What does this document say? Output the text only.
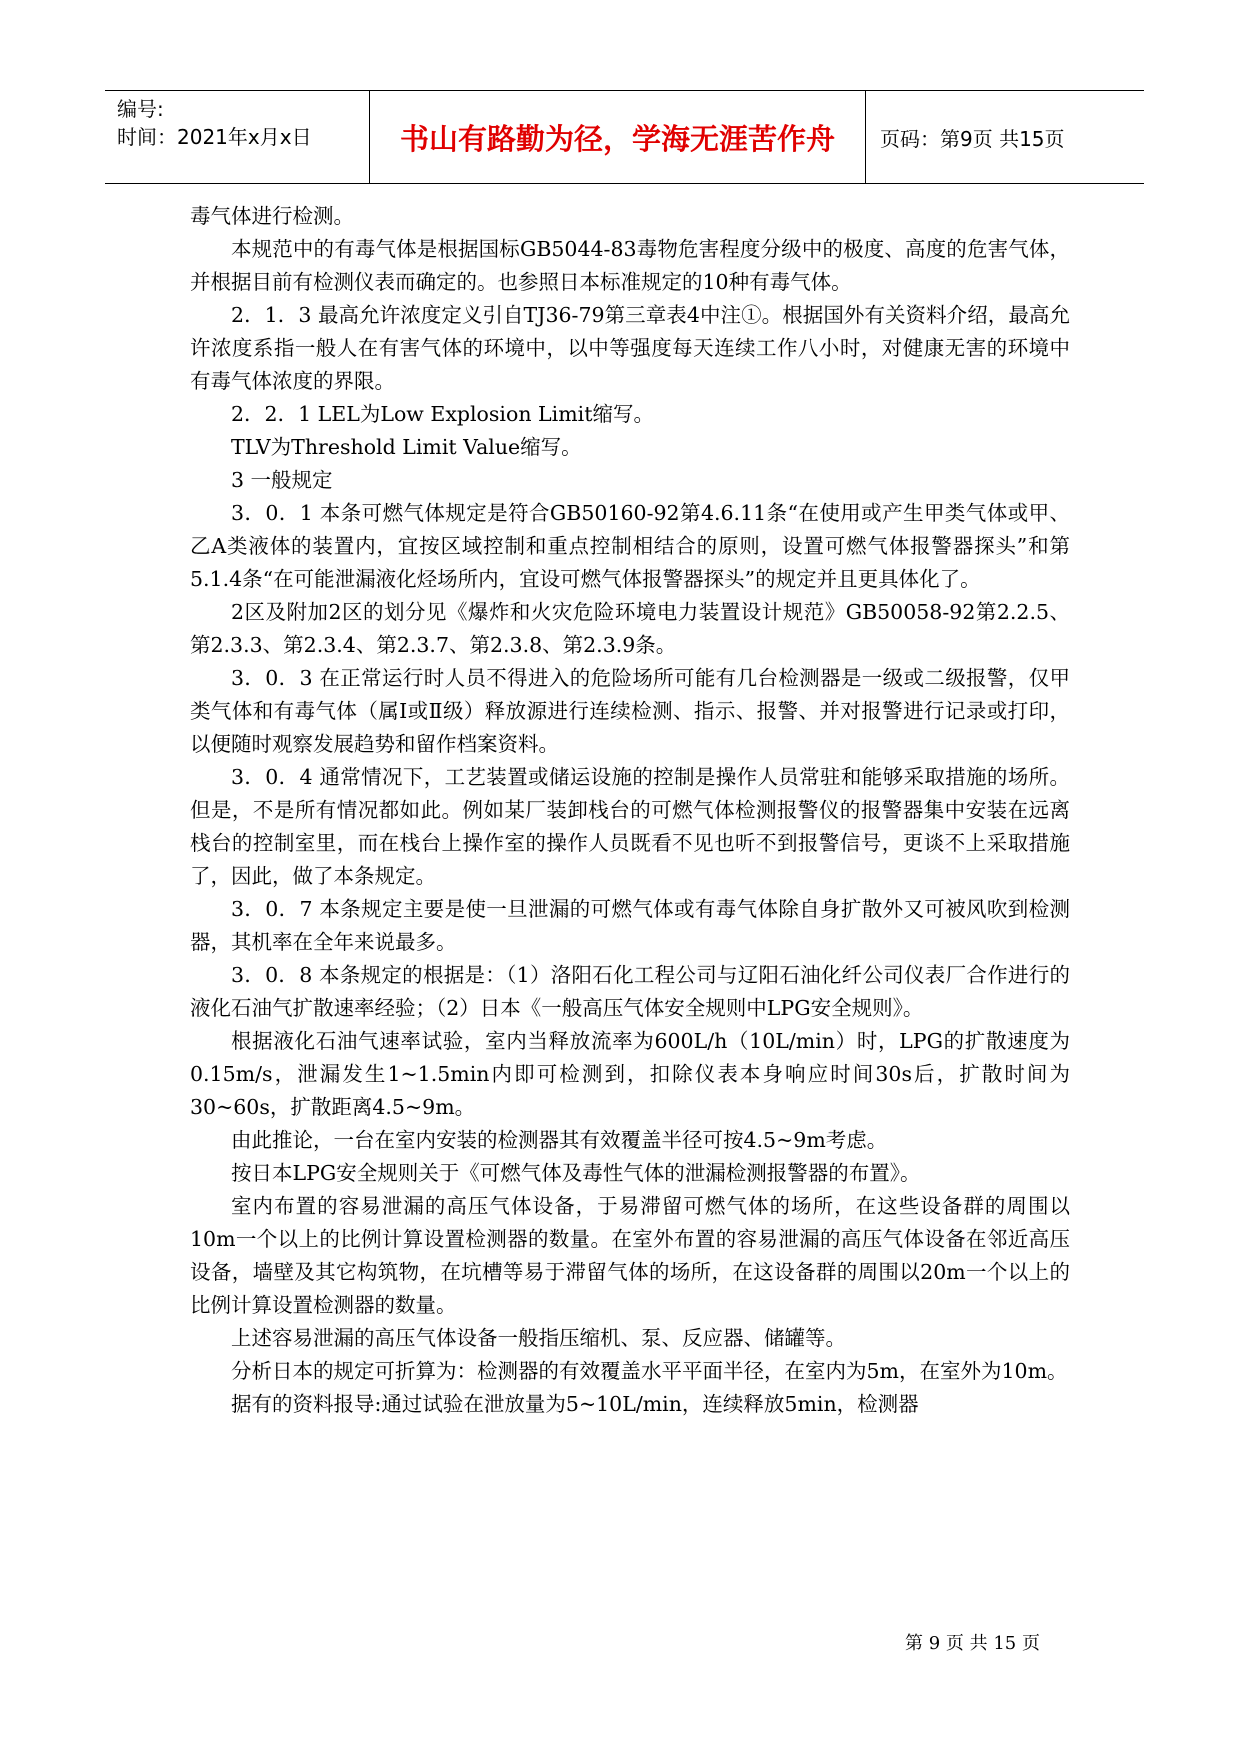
编号:
时间：2021年x月x日	书山有路勤为径，学海无涯苦作舟 页码：第9页 共15页

毒气体进行检测。

本规范中的有毒气体是根据国标GB5044-83毒物危害程度分级中的极度、高度的危害气体，并根据目前有检测仪表而确定的。也参照日本标准规定的10种有毒气体。

2．1．3 最高允许浓度定义引自TJ36-79第三章表4中注①。根据国外有关资料介绍，最高允许浓度系指一般人在有害气体的环境中，以中等强度每天连续工作八小时，对健康无害的环境中有毒气体浓度的界限。

2．2．1 LEL为Low Explosion Limit缩写。

TLV为Threshold Limit Value缩写。

3 一般规定

3．0．1 本条可燃气体规定是符合GB50160-92第4.6.11条“在使用或产生甲类气体或甲、乙A类液体的装置内，宜按区域控制和重点控制相结合的原则，设置可燃气体报警器探头”和第5.1.4条“在可能泄漏液化烃场所内，宜设可燃气体报警器探头”的规定并且更具体化了。

2区及附加2区的划分见《爆炸和火灾危险环境电力装置设计规范》GB50058-92第2.2.5、第2.3.3、第2.3.4、第2.3.7、第2.3.8、第2.3.9条。

3．0．3 在正常运行时人员不得进入的危险场所可能有几台检测器是一级或二级报警，仅甲类气体和有毒气体（属Ⅰ或Ⅱ级）释放源进行连续检测、指示、报警、并对报警进行记录或打印，以便随时观察发展趋势和留作档案资料。

3．0．4 通常情况下，工艺装置或储运设施的控制是操作人员常驻和能够采取措施的场所。但是，不是所有情况都如此。例如某厂装卸栈台的可燃气体检测报警仪的报警器集中安装在远离栈台的控制室里，而在栈台上操作室的操作人员既看不见也听不到报警信号，更谈不上采取措施了，因此，做了本条规定。

3．0．7 本条规定主要是使一旦泄漏的可燃气体或有毒气体除自身扩散外又可被风吹到检测器，其机率在全年来说最多。

3．0．8 本条规定的根据是：（1）洛阳石化工程公司与辽阳石油化纤公司仪表厂合作进行的液化石油气扩散速率经验；（2）日本《一般高压气体安全规则中LPG安全规则》。

根据液化石油气速率试验，室内当释放流率为600L/h（10L/min）时，LPG的扩散速度为0.15m/s，泄漏发生1~1.5min内即可检测到，扣除仪表本身响应时间30s后，扩散时间为30~60s，扩散距离4.5~9m。

由此推论，一台在室内安装的检测器其有效覆盖半径可按4.5~9m考虑。

按日本LPG安全规则关于《可燃气体及毒性气体的泄漏检测报警器的布置》。

室内布置的容易泄漏的高压气体设备，于易滞留可燃气体的场所，在这些设备群的周围以10m一个以上的比例计算设置检测器的数量。在室外布置的容易泄漏的高压气体设备在邻近高压设备，墙壁及其它构筑物，在坑槽等易于滞留气体的场所，在这设备群的周围以20m一个以上的比例计算设置检测器的数量。

上述容易泄漏的高压气体设备一般指压缩机、泵、反应器、储罐等。

分析日本的规定可折算为：检测器的有效覆盖水平平面半径，在室内为5m，在室外为10m。

据有的资料报导:通过试验在泄放量为5~10L/min，连续释放5min，检测器

第 9 页 共 15 页
